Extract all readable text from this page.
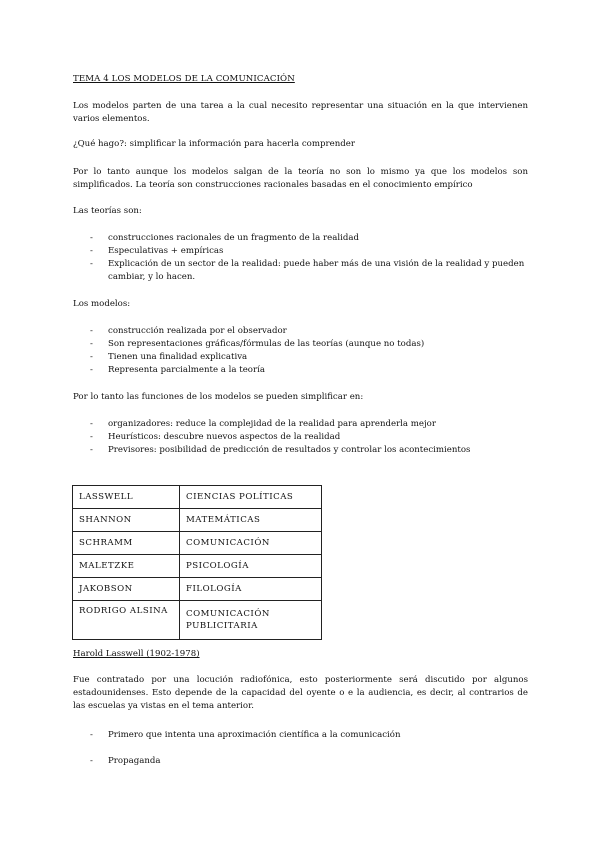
TEMA 4 LOS MODELOS DE LA COMUNICACIÓN
Los modelos parten de una tarea a la cual necesito representar una situación en la que intervienen varios elementos.
¿Qué hago?: simplificar la información para hacerla comprender
Por lo tanto aunque los modelos salgan de la teoría no son lo mismo ya que los modelos son simplificados. La teoría son construcciones racionales basadas en el conocimiento empírico
Las teorías son:
- construcciones racionales de un fragmento de la realidad
- Especulativas + empíricas
- Explicación de un sector de la realidad: puede haber más de una visión de la realidad y pueden cambiar, y lo hacen.
Los modelos:
- construcción realizada por el observador
- Son representaciones gráficas/fórmulas de las teorías (aunque no todas)
- Tienen una finalidad explicativa
- Representa parcialmente a la teoría
Por lo tanto las funciones de los modelos se pueden simplificar en:
- organizadores: reduce la complejidad de la realidad para aprenderla mejor
- Heurísticos: descubre nuevos aspectos de la realidad
- Previsores: posibilidad de predicción de resultados y controlar los acontecimientos
LASSWELL	CIENCIAS POLÍTICAS
SHANNON	MATEMÁTICAS
SCHRAMM	COMUNICACIÓN
MALETZKE	PSICOLOGÍA
JAKOBSON	FILOLOGÍA
RODRIGO ALSINA	COMUNICACIÓN PUBLICITARIA
Harold Lasswell (1902-1978)
Fue contratado por una locución radiofónica, esto posteriormente será discutido por algunos estadounidenses. Esto depende de la capacidad del oyente o e la audiencia, es decir, al contrarios de las escuelas ya vistas en el tema anterior.
- Primero que intenta una aproximación científica a la comunicación
- Propaganda
